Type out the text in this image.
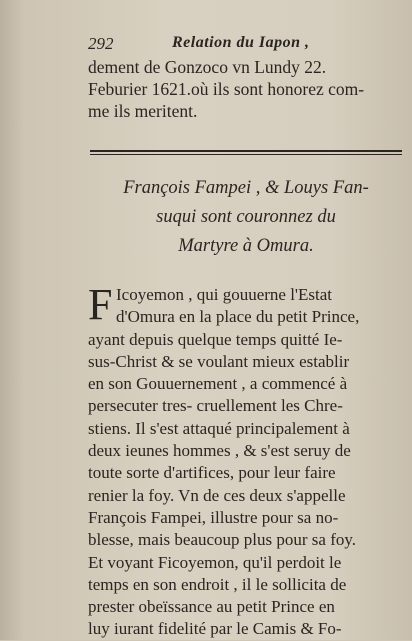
292	Relation du Iapon ,
dement de Gonzoco vn Lundy 22.
Feburier 1621.où ils sont honorez com-
me ils meritent.
François Fampei , & Louys Fan-
suqui sont couronnez du
Martyre à Omura.
F Icoyemon , qui gouuerne l'Estat
d'Omura en la place du petit Prince,
ayant depuis quelque temps quitté Ie-
sus-Christ & se voulant mieux establir
en son Gouuernement , a commencé à
persecuter tres- cruellement les Chre-
stiens. Il s'est attaqué principalement à
deux ieunes hommes , & s'est seruy de
toute sorte d'artifices, pour leur faire
renier la foy. Vn de ces deux s'appelle
François Fampei, illustre pour sa no-
blesse, mais beaucoup plus pour sa foy.
Et voyant Ficoyemon, qu'il perdoit le
temps en son endroit , il le sollicita de
prester obeïssance au petit Prince en
luy iurant fidelité par le Camis & Fo-
